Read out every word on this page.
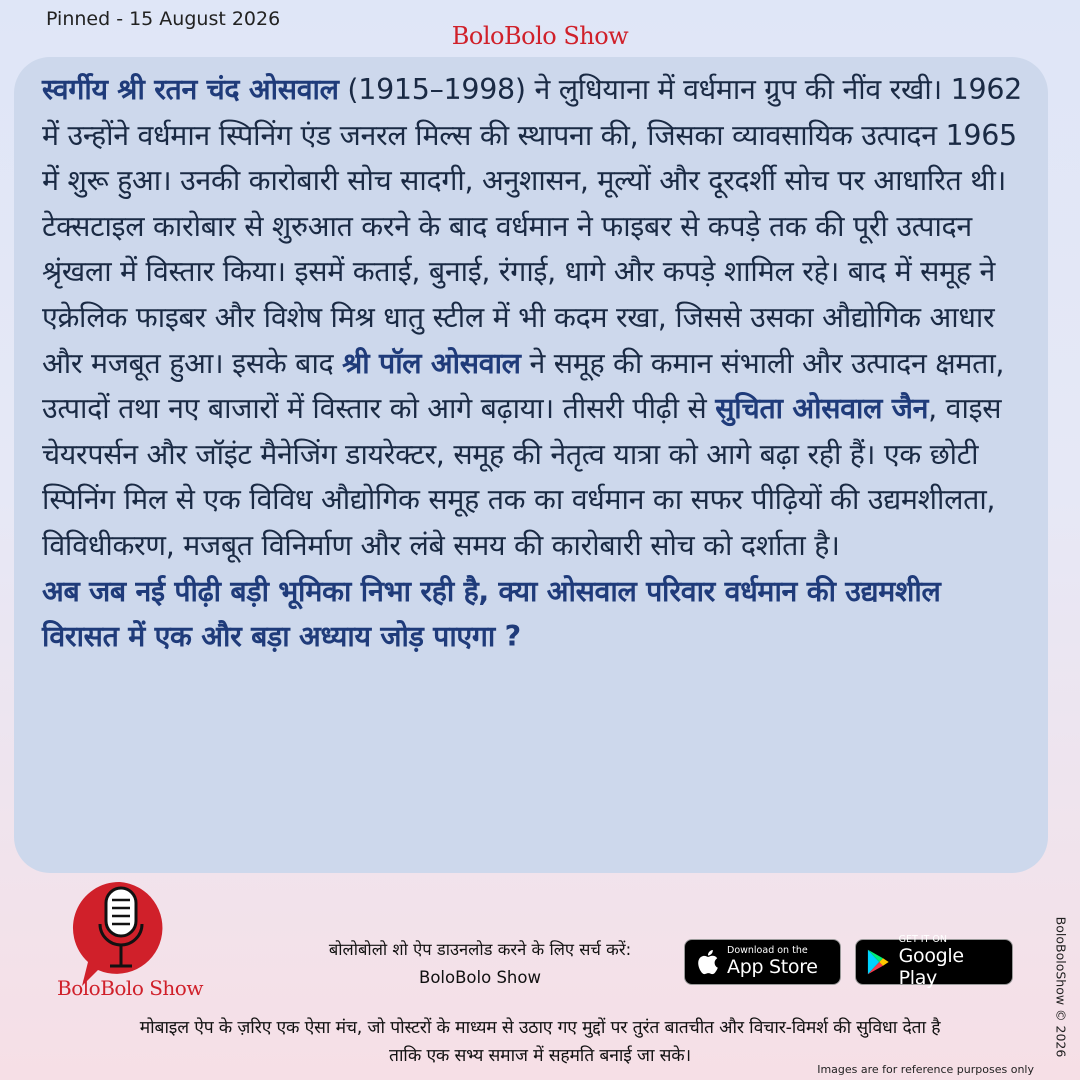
Pinned - 15 August 2026
BoloBolo Show

स्वर्गीय श्री रतन चंद ओसवाल (1915–1998) ने लुधियाना में वर्धमान ग्रुप की नींव रखी। 1962 में उन्होंने वर्धमान स्पिनिंग एंड जनरल मिल्स की स्थापना की, जिसका व्यावसायिक उत्पादन 1965 में शुरू हुआ। उनकी कारोबारी सोच सादगी, अनुशासन, मूल्यों और दूरदर्शी सोच पर आधारित थी। टेक्सटाइल कारोबार से शुरुआत करने के बाद वर्धमान ने फाइबर से कपड़े तक की पूरी उत्पादन श्रृंखला में विस्तार किया। इसमें कताई, बुनाई, रंगाई, धागे और कपड़े शामिल रहे। बाद में समूह ने एक्रेलिक फाइबर और विशेष मिश्र धातु स्टील में भी कदम रखा, जिससे उसका औद्योगिक आधार और मजबूत हुआ। इसके बाद श्री पॉल ओसवाल ने समूह की कमान संभाली और उत्पादन क्षमता, उत्पादों तथा नए बाजारों में विस्तार को आगे बढ़ाया। तीसरी पीढ़ी से सुचिता ओसवाल जैन, वाइस चेयरपर्सन और जॉइंट मैनेजिंग डायरेक्टर, समूह की नेतृत्व यात्रा को आगे बढ़ा रही हैं। एक छोटी स्पिनिंग मिल से एक विविध औद्योगिक समूह तक का वर्धमान का सफर पीढ़ियों की उद्यमशीलता, विविधीकरण, मजबूत विनिर्माण और लंबे समय की कारोबारी सोच को दर्शाता है।

अब जब नई पीढ़ी बड़ी भूमिका निभा रही है, क्या ओसवाल परिवार वर्धमान की उद्यमशील विरासत में एक और बड़ा अध्याय जोड़ पाएगा ?

BoloBolo Show
बोलोबोलो शो ऐप डाउनलोड करने के लिए सर्च करें:
BoloBolo Show
Download on the
App Store
GET IT ON
Google Play	BoloBoloShow © 2026
मोबाइल ऐप के ज़रिए एक ऐसा मंच, जो पोस्टरों के माध्यम से उठाए गए मुद्दों पर तुरंत बातचीत और विचार-विमर्श की सुविधा देता है
ताकि एक सभ्य समाज में सहमति बनाई जा सके।
Images are for reference purposes only
